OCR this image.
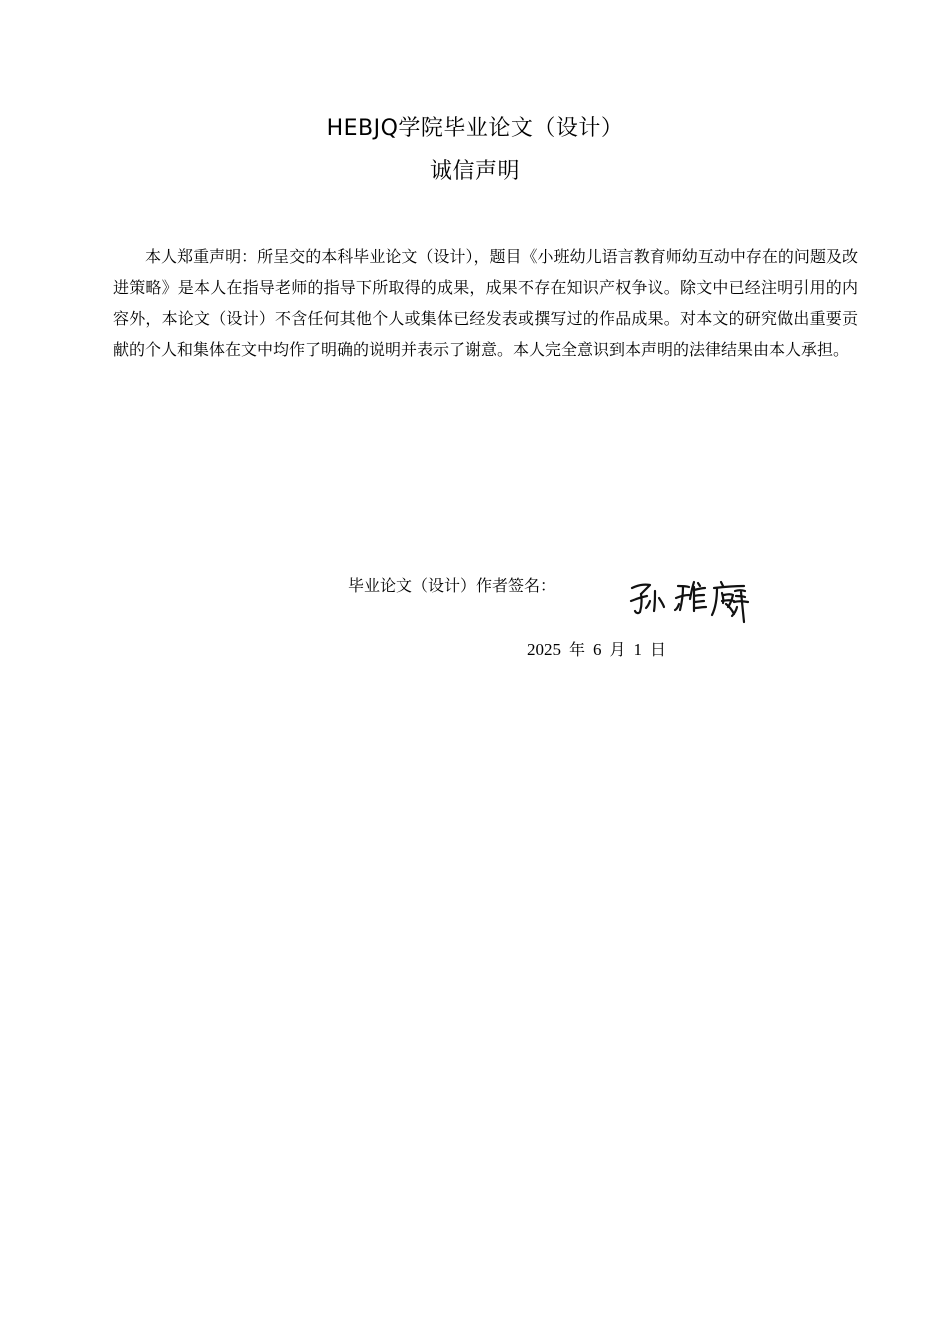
HEBJQ学院毕业论文（设计）
诚信声明
本人郑重声明：所呈交的本科毕业论文（设计），题目《小班幼儿语言教育师幼互动中存在的问题及改进策略》是本人在指导老师的指导下所取得的成果，成果不存在知识产权争议。除文中已经注明引用的内容外，本论文（设计）不含任何其他个人或集体已经发表或撰写过的作品成果。对本文的研究做出重要贡献的个人和集体在文中均作了明确的说明并表示了谢意。本人完全意识到本声明的法律结果由本人承担。
毕业论文（设计）作者签名：
2025 年 6 月 1 日
